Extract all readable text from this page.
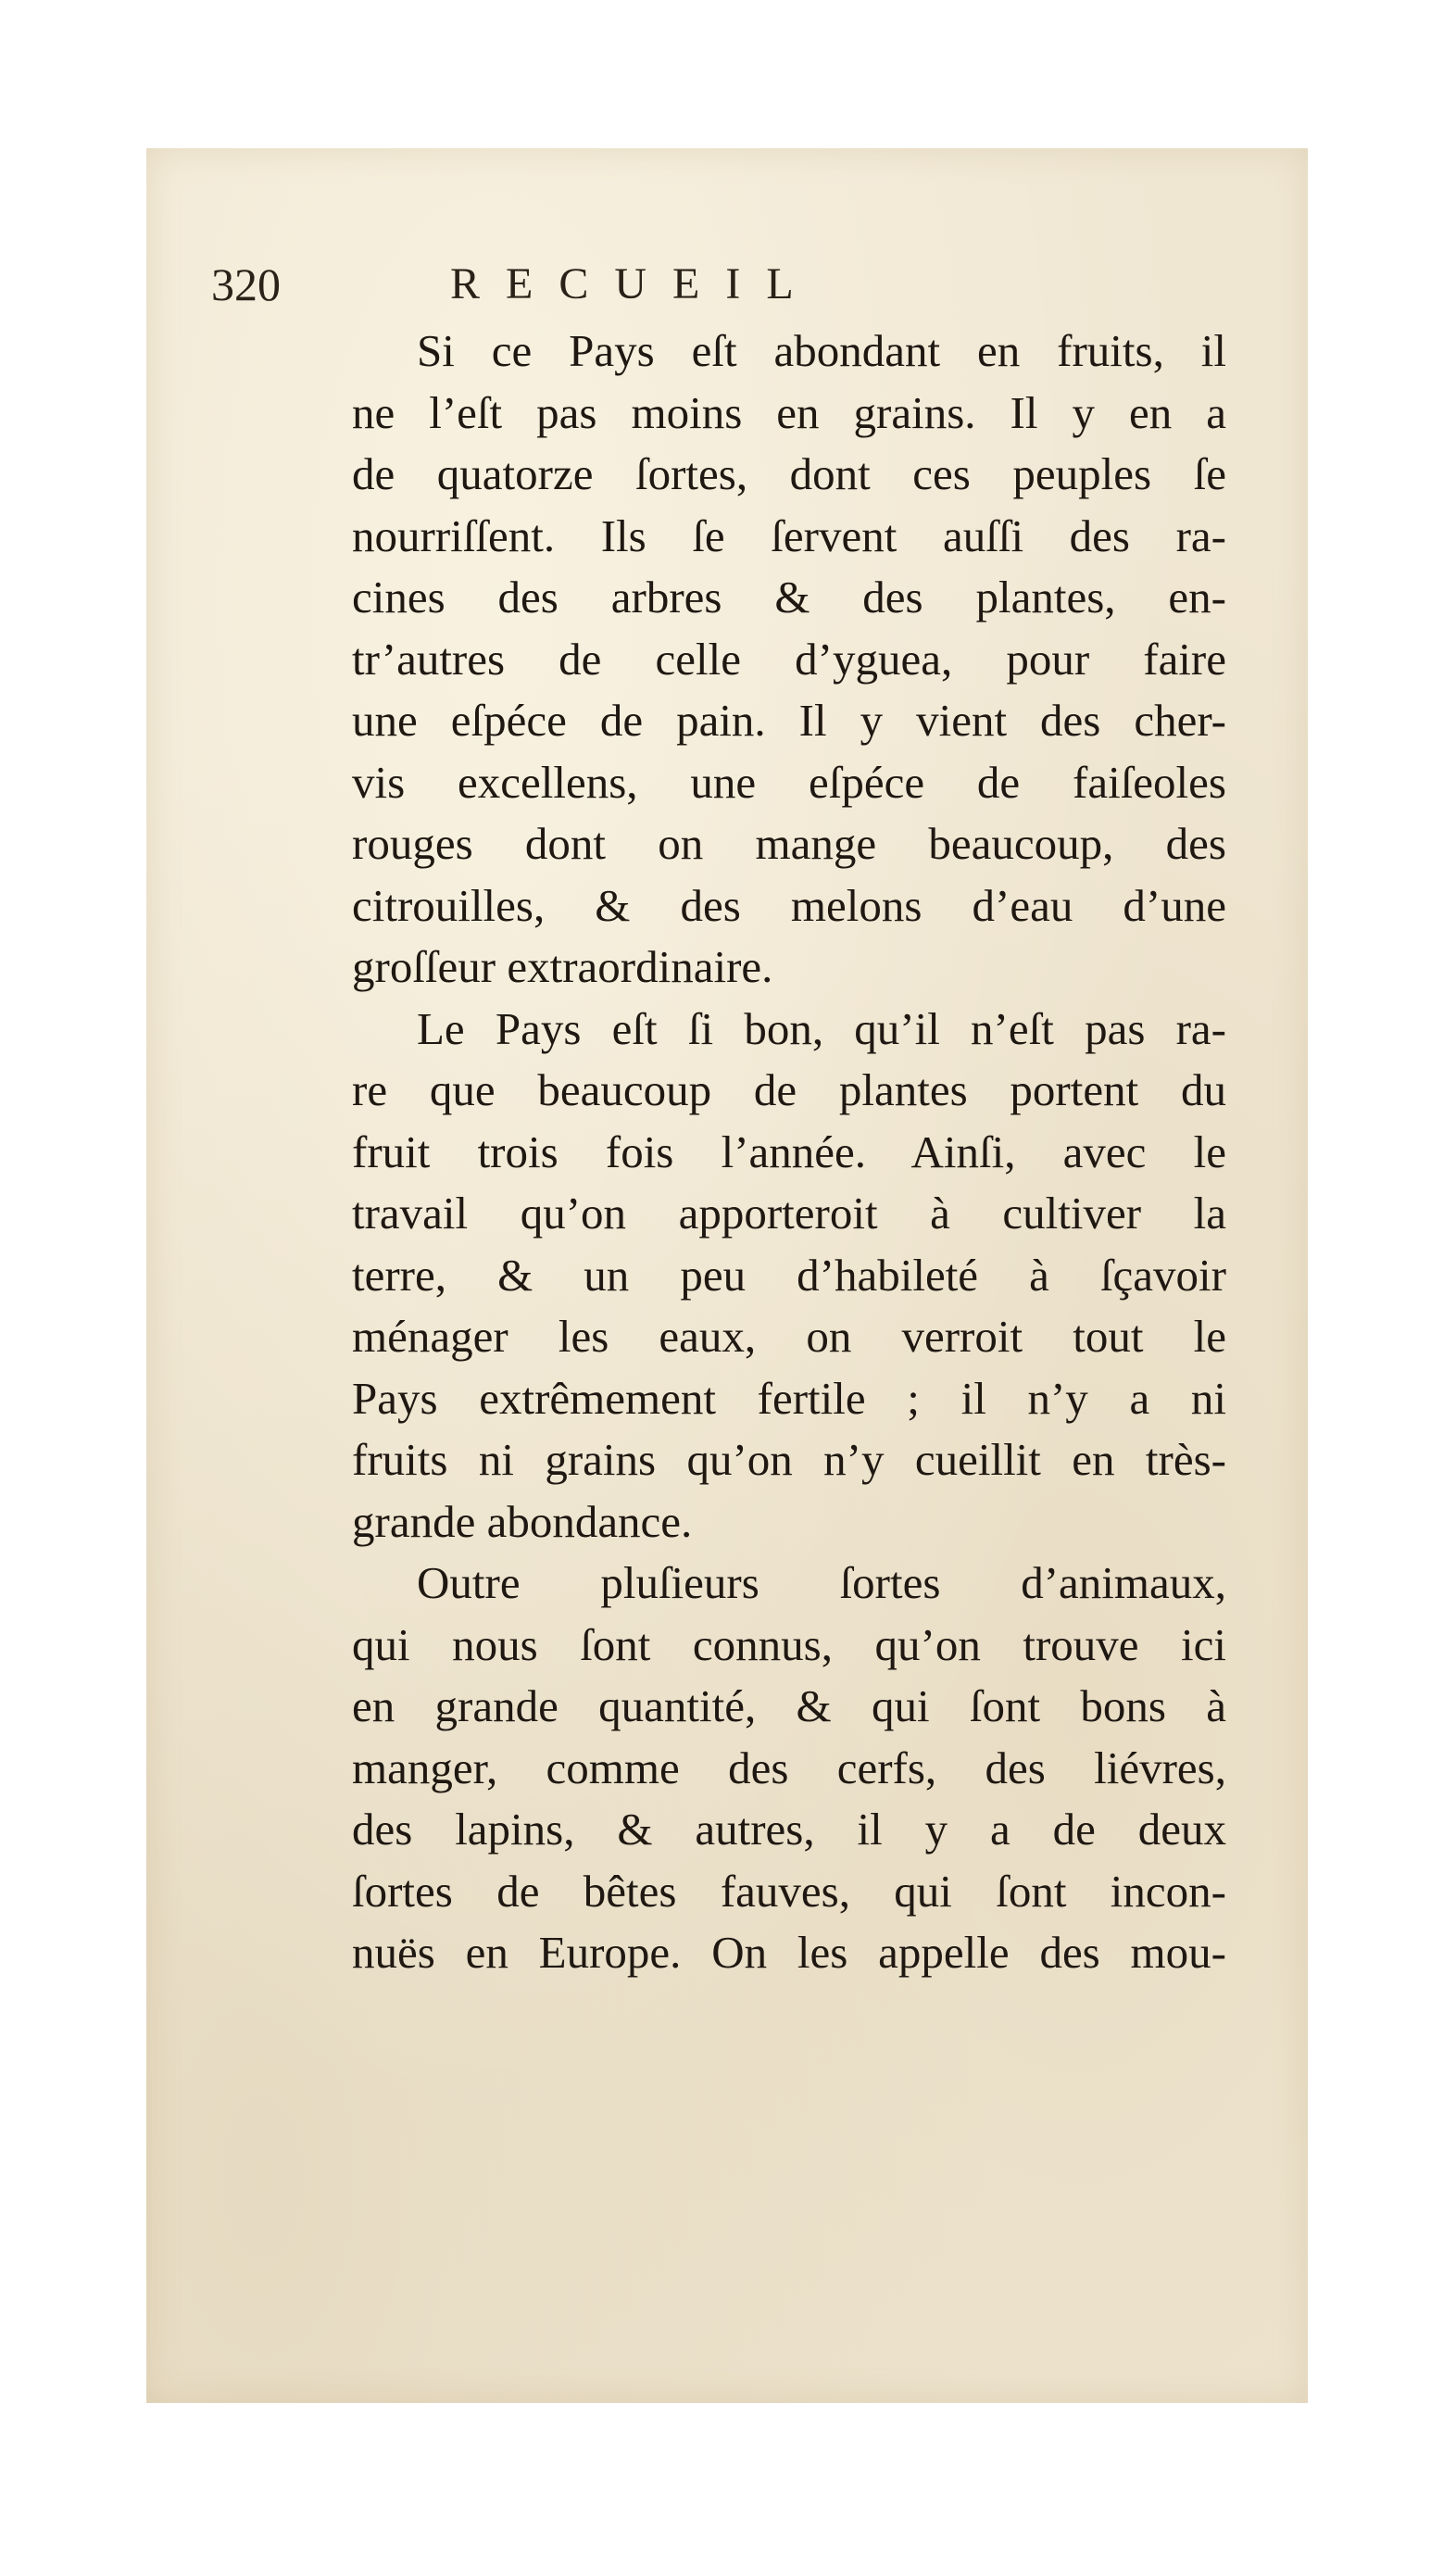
320	RECUEIL
Si ce Pays eſt abondant en fruits, il
ne l’eſt pas moins en grains. Il y en a
de quatorze ſortes, dont ces peuples ſe
nourriſſent. Ils ſe ſervent auſſi des ra-
cines des arbres & des plantes, en-
tr’autres de celle d’yguea, pour faire
une eſpéce de pain. Il y vient des cher-
vis excellens, une eſpéce de faiſeoles
rouges dont on mange beaucoup, des
citrouilles, & des melons d’eau d’une
groſſeur extraordinaire.
Le Pays eſt ſi bon, qu’il n’eſt pas ra-
re que beaucoup de plantes portent du
fruit trois fois l’année. Ainſi, avec le
travail qu’on apporteroit à cultiver la
terre, & un peu d’habileté à ſçavoir
ménager les eaux, on verroit tout le
Pays extrêmement fertile ; il n’y a ni
fruits ni grains qu’on n’y cueillit en très-
grande abondance.
Outre pluſieurs ſortes d’animaux,
qui nous ſont connus, qu’on trouve ici
en grande quantité, & qui ſont bons à
manger, comme des cerfs, des liévres,
des lapins, & autres, il y a de deux
ſortes de bêtes fauves, qui ſont incon-
nuës en Europe. On les appelle des mou-
